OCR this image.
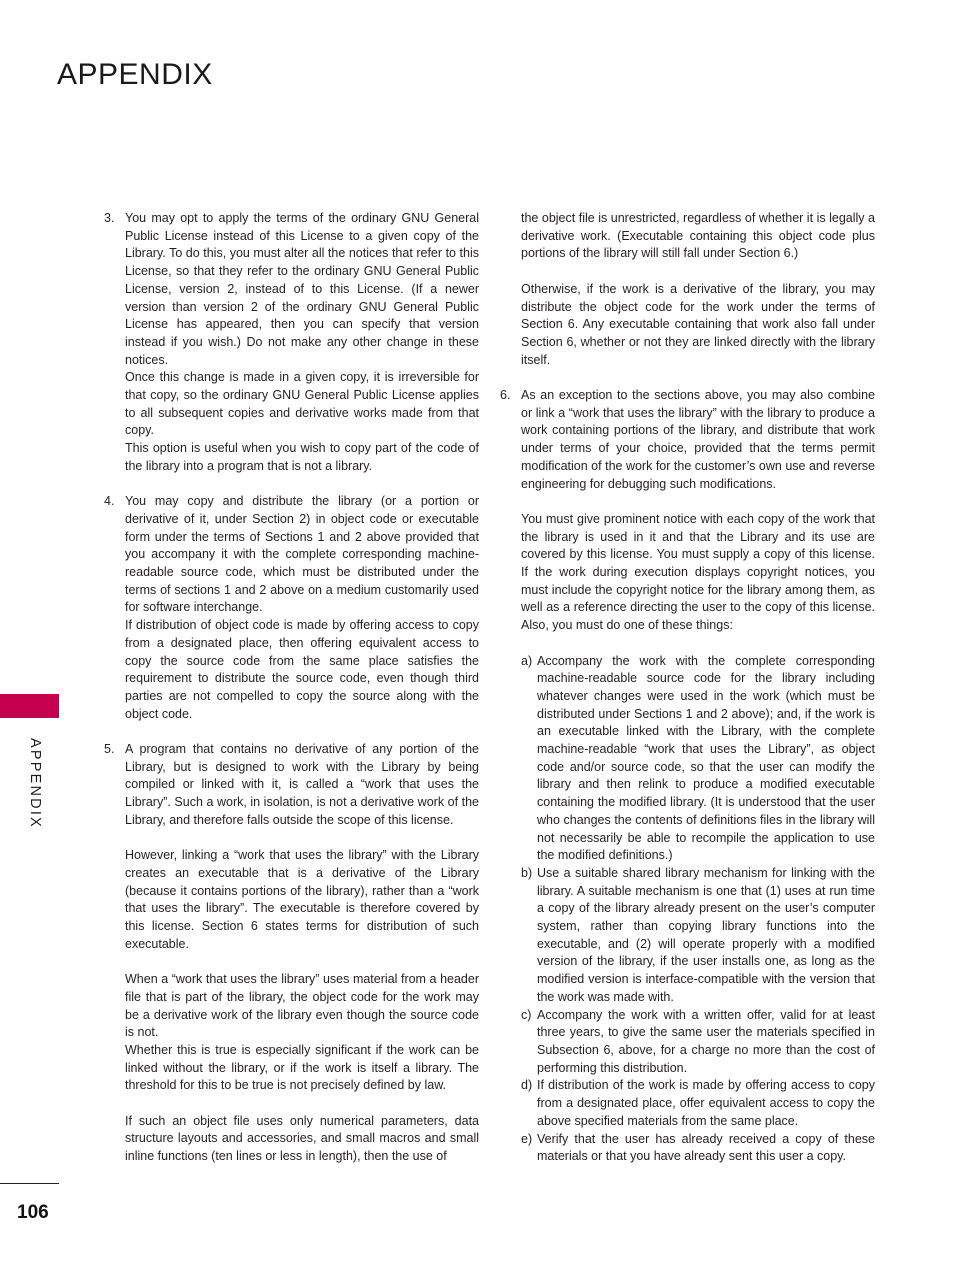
APPENDIX
APPENDIX
106
3. You may opt to apply the terms of the ordinary GNU General Public License instead of this License to a given copy of the Library. To do this, you must alter all the notices that refer to this License, so that they refer to the ordinary GNU General Public License, version 2, instead of to this License. (If a newer version than version 2 of the ordinary GNU General Public License has appeared, then you can specify that version instead if you wish.) Do not make any other change in these notices.

Once this change is made in a given copy, it is irreversible for that copy, so the ordinary GNU General Public License applies to all subsequent copies and derivative works made from that copy.

This option is useful when you wish to copy part of the code of the library into a program that is not a library.

4. You may copy and distribute the library (or a portion or derivative of it, under Section 2) in object code or executable form under the terms of Sections 1 and 2 above provided that you accompany it with the complete corresponding machine-readable source code, which must be distributed under the terms of sections 1 and 2 above on a medium customarily used for software interchange.

If distribution of object code is made by offering access to copy from a designated place, then offering equivalent access to copy the source code from the same place satisfies the requirement to distribute the source code, even though third parties are not compelled to copy the source along with the object code.

5. A program that contains no derivative of any portion of the Library, but is designed to work with the Library by being compiled or linked with it, is called a “work that uses the Library”. Such a work, in isolation, is not a derivative work of the Library, and therefore falls outside the scope of this license.

However, linking a “work that uses the library” with the Library creates an executable that is a derivative of the Library (because it contains portions of the library), rather than a “work that uses the library”. The executable is therefore covered by this license. Section 6 states terms for distribution of such executable.

When a “work that uses the library” uses material from a header file that is part of the library, the object code for the work may be a derivative work of the library even though the source code is not.

Whether this is true is especially significant if the work can be linked without the library, or if the work is itself a library. The threshold for this to be true is not precisely defined by law.

If such an object file uses only numerical parameters, data structure layouts and accessories, and small macros and small inline functions (ten lines or less in length), then the use of

the object file is unrestricted, regardless of whether it is legally a derivative work. (Executable containing this object code plus portions of the library will still fall under Section 6.)

Otherwise, if the work is a derivative of the library, you may distribute the object code for the work under the terms of Section 6. Any executable containing that work also fall under Section 6, whether or not they are linked directly with the library itself.

6. As an exception to the sections above, you may also combine or link a “work that uses the library” with the library to produce a work containing portions of the library, and distribute that work under terms of your choice, provided that the terms permit modification of the work for the customer’s own use and reverse engineering for debugging such modifications.

You must give prominent notice with each copy of the work that the library is used in it and that the Library and its use are covered by this license. You must supply a copy of this license. If the work during execution displays copyright notices, you must include the copyright notice for the library among them, as well as a reference directing the user to the copy of this license. Also, you must do one of these things:

a) Accompany the work with the complete corresponding machine-readable source code for the library including whatever changes were used in the work (which must be distributed under Sections 1 and 2 above); and, if the work is an executable linked with the Library, with the complete machine-readable “work that uses the Library”, as object code and/or source code, so that the user can modify the library and then relink to produce a modified executable containing the modified library. (It is understood that the user who changes the contents of definitions files in the library will not necessarily be able to recompile the application to use the modified definitions.)
b) Use a suitable shared library mechanism for linking with the library. A suitable mechanism is one that (1) uses at run time a copy of the library already present on the user’s computer system, rather than copying library functions into the executable, and (2) will operate properly with a modified version of the library, if the user installs one, as long as the modified version is interface-compatible with the version that the work was made with.
c) Accompany the work with a written offer, valid for at least three years, to give the same user the materials specified in Subsection 6, above, for a charge no more than the cost of performing this distribution.
d) If distribution of the work is made by offering access to copy from a designated place, offer equivalent access to copy the above specified materials from the same place.
e) Verify that the user has already received a copy of these materials or that you have already sent this user a copy.
